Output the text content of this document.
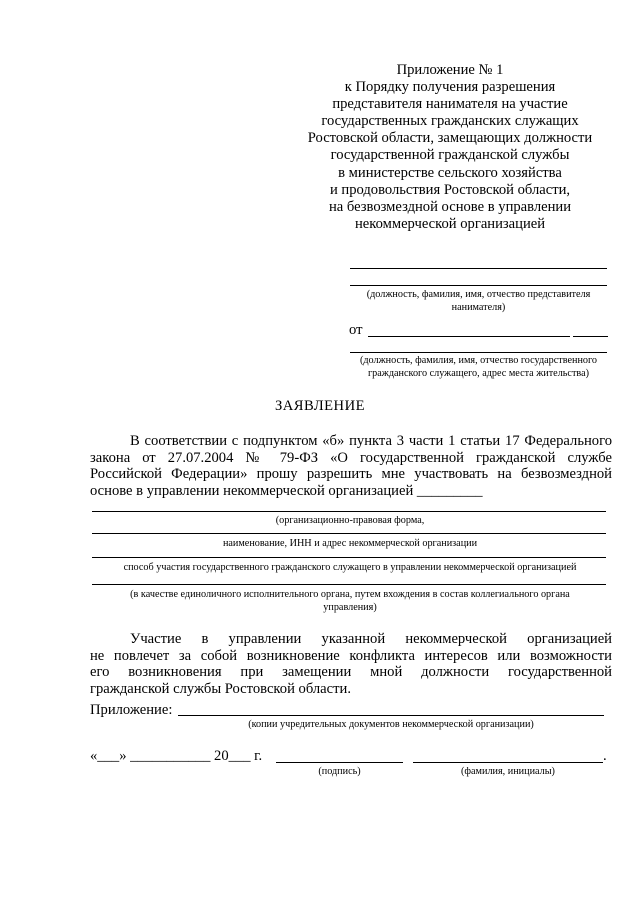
Приложение № 1
к Порядку получения разрешения
представителя нанимателя на участие
государственных гражданских служащих
Ростовской области, замещающих должности
государственной гражданской службы
в министерстве сельского хозяйства
и продовольствия Ростовской области,
на безвозмездной основе в управлении
некоммерческой организацией
(должность, фамилия, имя, отчество представителя
нанимателя)
от
(должность, фамилия, имя, отчество государственного
гражданского служащего, адрес места жительства)
ЗАЯВЛЕНИЕ
В соответствии с подпунктом «б» пункта 3 части 1 статьи 17 Федерального
закона от 27.07.2004 № 79-ФЗ «О государственной гражданской службе
Российской Федерации» прошу разрешить мне участвовать на безвозмездной
основе в управлении некоммерческой организацией _________
(организационно-правовая форма,
наименование, ИНН и адрес некоммерческой организации
способ участия государственного гражданского служащего в управлении некоммерческой организацией
(в качестве единоличного исполнительного органа, путем вхождения в состав коллегиального органа
управления)
Участие в управлении указанной некоммерческой организацией
не повлечет за собой возникновение конфликта интересов или возможности
его возникновения при замещении мной должности государственной
гражданской службы Ростовской области.
Приложение:
(копии учредительных документов некоммерческой организации)
«___» ___________ 20___ г.	.
(подпись)	(фамилия, инициалы)
